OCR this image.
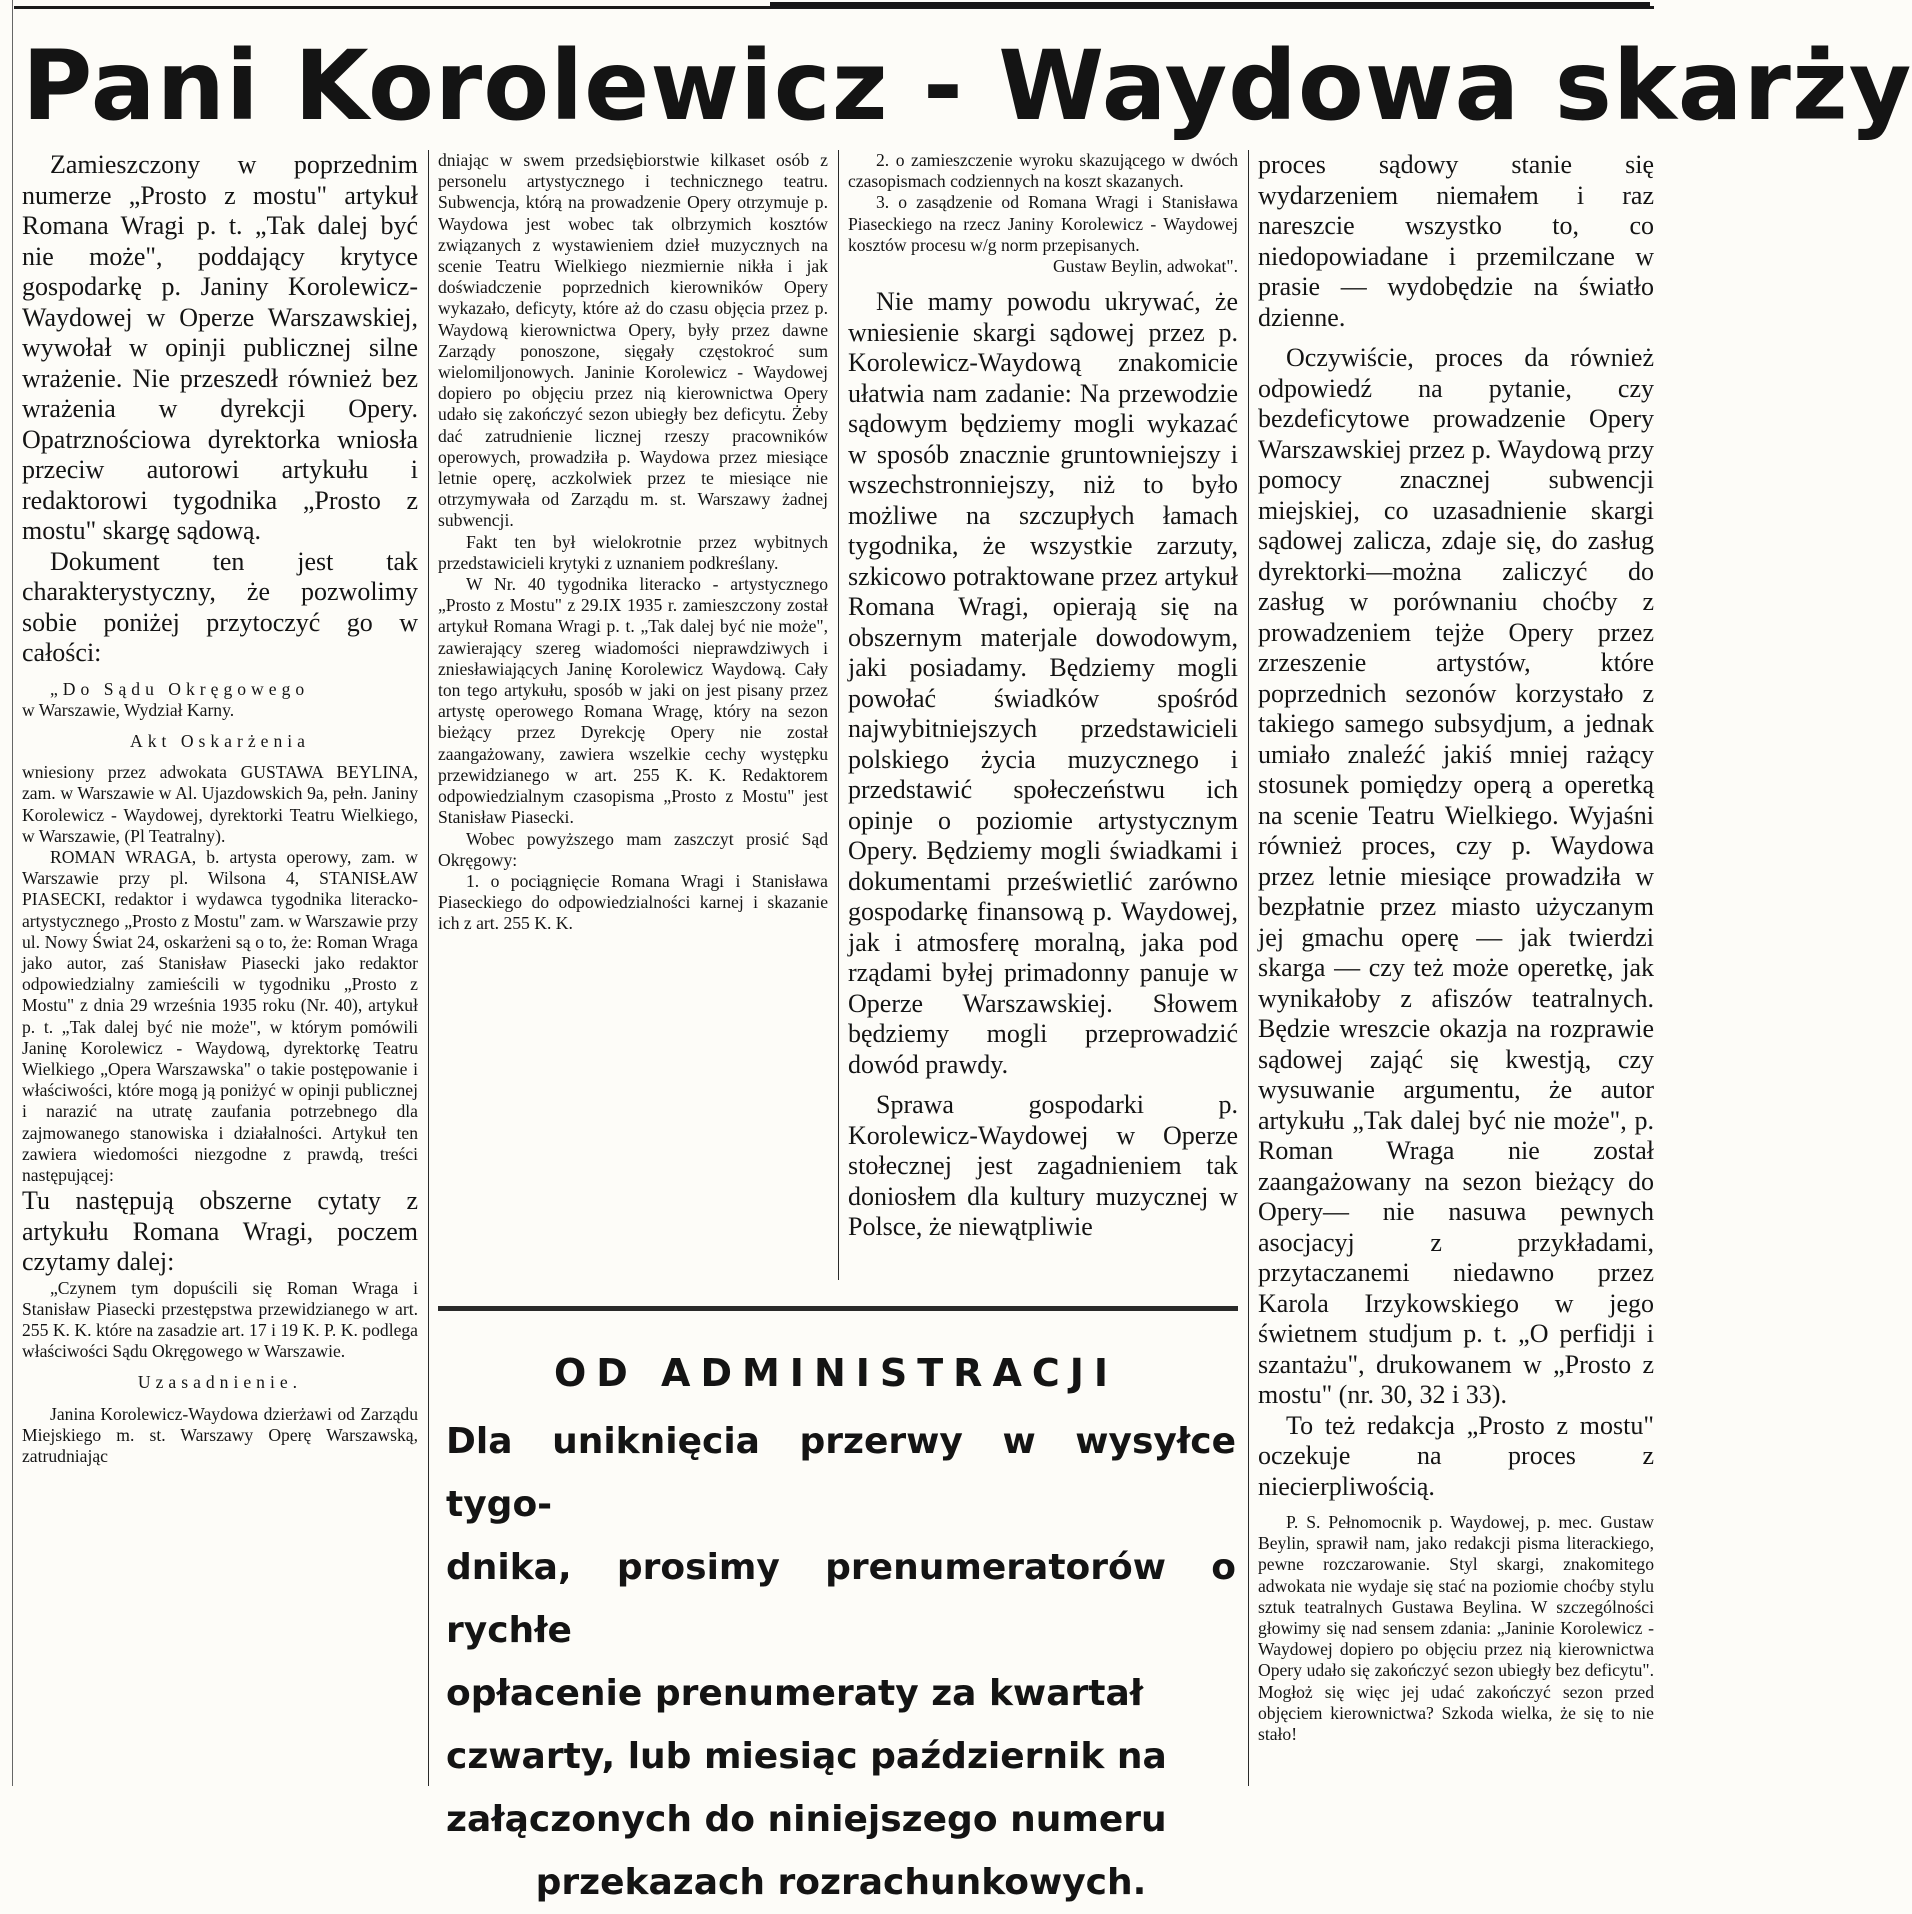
Pani Korolewicz - Waydowa skarży

Zamieszczony w poprzednim numerze „Prosto z mostu" artykuł Romana Wragi p. t. „Tak dalej być nie może", poddający krytyce gospodarkę p. Janiny Korolewicz-Waydowej w Operze Warszawskiej, wywołał w opinji publicznej silne wrażenie. Nie przeszedł również bez wrażenia w dyrekcji Opery. Opatrznościowa dyrektorka wniosła przeciw autorowi artykułu i redaktorowi tygodnika „Prosto z mostu" skargę sądową.

Dokument ten jest tak charakterystyczny, że pozwolimy sobie poniżej przytoczyć go w całości:

„Do Sądu Okręgowego

w Warszawie, Wydział Karny.

Akt Oskarżenia

wniesiony przez adwokata GUSTAWA BEYLINA, zam. w Warszawie w Al. Ujazdowskich 9a, pełn. Janiny Korolewicz - Waydowej, dyrektorki Teatru Wielkiego, w Warszawie, (Pl Teatralny).

ROMAN WRAGA, b. artysta operowy, zam. w Warszawie przy pl. Wilsona 4, STANISŁAW PIASECKI, redaktor i wydawca tygodnika literacko-artystycznego „Prosto z Mostu" zam. w Warszawie przy ul. Nowy Świat 24, oskarżeni są o to, że: Roman Wraga jako autor, zaś Stanisław Piasecki jako redaktor odpowiedzialny zamieścili w tygodniku „Prosto z Mostu" z dnia 29 września 1935 roku (Nr. 40), artykuł p. t. „Tak dalej być nie może", w którym pomówili Janinę Korolewicz - Waydową, dyrektorkę Teatru Wielkiego „Opera Warszawska" o takie postępowanie i właściwości, które mogą ją poniżyć w opinji publicznej i narazić na utratę zaufania potrzebnego dla zajmowanego stanowiska i działalności. Artykuł ten zawiera wiedomości niezgodne z prawdą, treści następującej:

Tu następują obszerne cytaty z artykułu Romana Wragi, poczem czytamy dalej:

„Czynem tym dopuścili się Roman Wraga i Stanisław Piasecki przestępstwa przewidzianego w art. 255 K. K. które na zasadzie art. 17 i 19 K. P. K. podlega właściwości Sądu Okręgowego w Warszawie.

Uzasadnienie.

Janina Korolewicz-Waydowa dzierżawi od Zarządu Miejskiego m. st. Warszawy Operę Warszawską, zatrudniając

dniając w swem przedsiębiorstwie kilkaset osób z personelu artystycznego i technicznego teatru. Subwencja, którą na prowadzenie Opery otrzymuje p. Waydowa jest wobec tak olbrzymich kosztów związanych z wystawieniem dzieł muzycznych na scenie Teatru Wielkiego niezmiernie nikła i jak doświadczenie poprzednich kierowników Opery wykazało, deficyty, które aż do czasu objęcia przez p. Waydową kierownictwa Opery, były przez dawne Zarządy ponoszone, sięgały częstokroć sum wielomiljonowych. Janinie Korolewicz - Waydowej dopiero po objęciu przez nią kierownictwa Opery udało się zakończyć sezon ubiegły bez deficytu. Żeby dać zatrudnienie licznej rzeszy pracowników operowych, prowadziła p. Waydowa przez miesiące letnie operę, aczkolwiek przez te miesiące nie otrzymywała od Zarządu m. st. Warszawy żadnej subwencji.

Fakt ten był wielokrotnie przez wybitnych przedstawicieli krytyki z uznaniem podkreślany.

W Nr. 40 tygodnika literacko - artystycznego „Prosto z Mostu" z 29.IX 1935 r. zamieszczony został artykuł Romana Wragi p. t. „Tak dalej być nie może", zawierający szereg wiadomości nieprawdziwych i zniesławiających Janinę Korolewicz Waydową. Cały ton tego artykułu, sposób w jaki on jest pisany przez artystę operowego Romana Wragę, który na sezon bieżący przez Dyrekcję Opery nie został zaangażowany, zawiera wszelkie cechy występku przewidzianego w art. 255 K. K. Redaktorem odpowiedzialnym czasopisma „Prosto z Mostu" jest Stanisław Piasecki.

Wobec powyższego mam zaszczyt prosić Sąd Okręgowy:

1. o pociągnięcie Romana Wragi i Stanisława Piaseckiego do odpowiedzialności karnej i skazanie ich z art. 255 K. K.

2. o zamieszczenie wyroku skazującego w dwóch czasopismach codziennych na koszt skazanych.

3. o zasądzenie od Romana Wragi i Stanisława Piaseckiego na rzecz Janiny Korolewicz - Waydowej kosztów procesu w/g norm przepisanych.

Gustaw Beylin, adwokat".

Nie mamy powodu ukrywać, że wniesienie skargi sądowej przez p. Korolewicz-Waydową znakomicie ułatwia nam zadanie: Na przewodzie sądowym będziemy mogli wykazać w sposób znacznie gruntowniejszy i wszechstronniejszy, niż to było możliwe na szczupłych łamach tygodnika, że wszystkie zarzuty, szkicowo potraktowane przez artykuł Romana Wragi, opierają się na obszernym materjale dowodowym, jaki posiadamy. Będziemy mogli powołać świadków spośród najwybitniejszych przedstawicieli polskiego życia muzycznego i przedstawić społeczeństwu ich opinje o poziomie artystycznym Opery. Będziemy mogli świadkami i dokumentami prześwietlić zarówno gospodarkę finansową p. Waydowej, jak i atmosferę moralną, jaka pod rządami byłej primadonny panuje w Operze Warszawskiej. Słowem będziemy mogli przeprowadzić dowód prawdy.

Sprawa gospodarki p. Korolewicz-Waydowej w Operze stołecznej jest zagadnieniem tak doniosłem dla kultury muzycznej w Polsce, że niewątpliwie

proces sądowy stanie się wydarzeniem niemałem i raz nareszcie wszystko to, co niedopowiadane i przemilczane w prasie — wydobędzie na światło dzienne.

Oczywiście, proces da również odpowiedź na pytanie, czy bezdeficytowe prowadzenie Opery Warszawskiej przez p. Waydową przy pomocy znacznej subwencji miejskiej, co uzasadnienie skargi sądowej zalicza, zdaje się, do zasług dyrektorki—można zaliczyć do zasług w porównaniu choćby z prowadzeniem tejże Opery przez zrzeszenie artystów, które poprzednich sezonów korzystało z takiego samego subsydjum, a jednak umiało znaleźć jakiś mniej rażący stosunek pomiędzy operą a operetką na scenie Teatru Wielkiego. Wyjaśni również proces, czy p. Waydowa przez letnie miesiące prowadziła w bezpłatnie przez miasto użyczanym jej gmachu operę — jak twierdzi skarga — czy też może operetkę, jak wynikałoby z afiszów teatralnych. Będzie wreszcie okazja na rozprawie sądowej zająć się kwestją, czy wysuwanie argumentu, że autor artykułu „Tak dalej być nie może", p. Roman Wraga nie został zaangażowany na sezon bieżący do Opery— nie nasuwa pewnych asocjacyj z przykładami, przytaczanemi niedawno przez Karola Irzykowskiego w jego świetnem studjum p. t. „O perfidji i szantażu", drukowanem w „Prosto z mostu" (nr. 30, 32 i 33).

To też redakcja „Prosto z mostu" oczekuje na proces z niecierpliwością.

P. S. Pełnomocnik p. Waydowej, p. mec. Gustaw Beylin, sprawił nam, jako redakcji pisma literackiego, pewne rozczarowanie. Styl skargi, znakomitego adwokata nie wydaje się stać na poziomie choćby stylu sztuk teatralnych Gustawa Beylina. W szczególności głowimy się nad sensem zdania: „Janinie Korolewicz - Waydowej dopiero po objęciu przez nią kierownictwa Opery udało się zakończyć sezon ubiegły bez deficytu". Mogłoż się więc jej udać zakończyć sezon przed objęciem kierownictwa? Szkoda wielka, że się to nie stało!

OD ADMINISTRACJI
Dla uniknięcia przerwy w wysyłce tygo-
dnika, prosimy prenumeratorów o rychłe
opłacenie prenumeraty za kwartał
czwarty, lub miesiąc październik na
załączonych do niniejszego numeru
przekazach rozrachunkowych.
